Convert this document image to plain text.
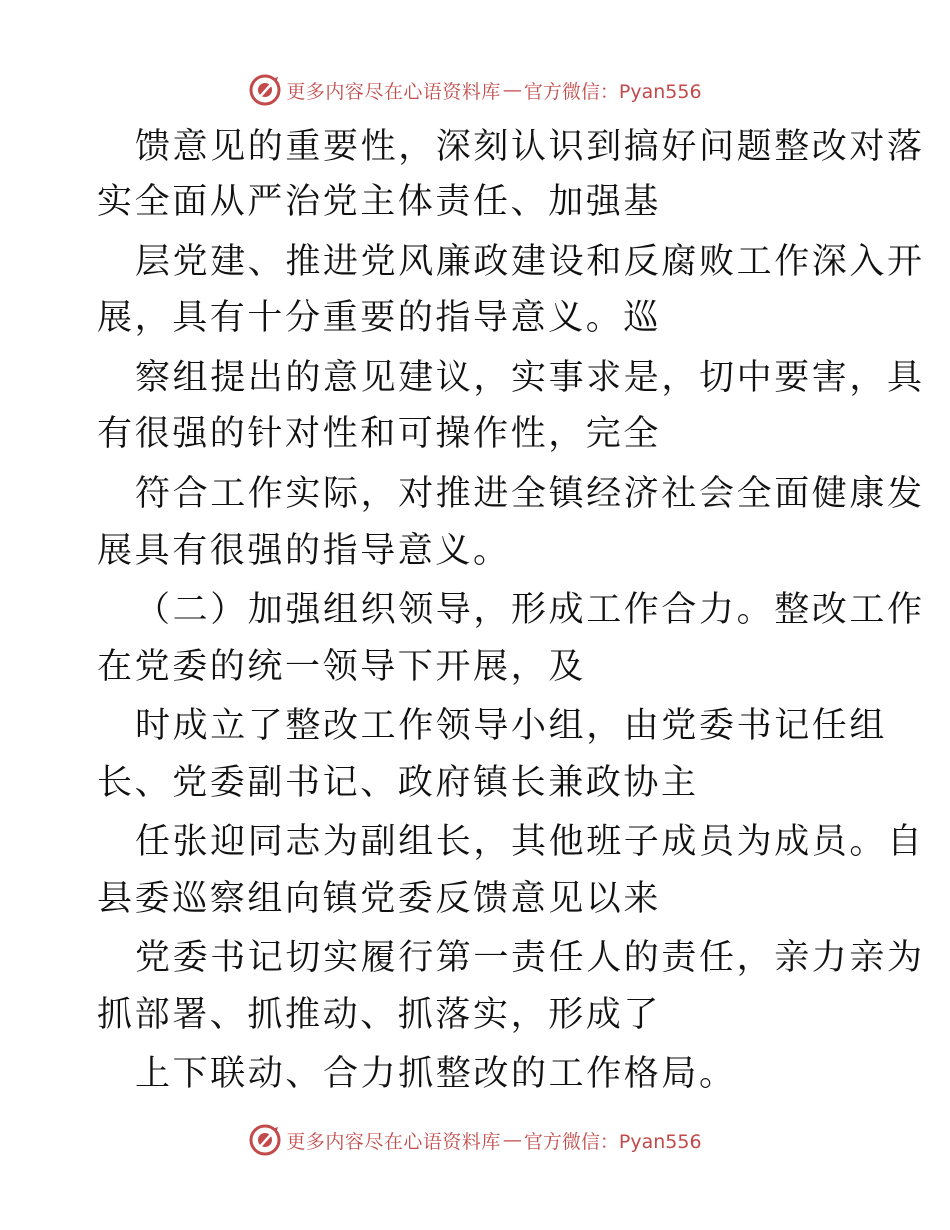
更多内容尽在心语资料库 — 官方微信：Pyan556
馈意见的重要性，深刻认识到搞好问题整改对落
实全面从严治党主体责任、加强基
层党建、推进党风廉政建设和反腐败工作深入开
展，具有十分重要的指导意义。巡
察组提出的意见建议，实事求是，切中要害，具
有很强的针对性和可操作性，完全
符合工作实际，对推进全镇经济社会全面健康发
展具有很强的指导意义。
（二）加强组织领导，形成工作合力。整改工作
在党委的统一领导下开展，及
时成立了整改工作领导小组，由党委书记任组
长、党委副书记、政府镇长兼政协主
任张迎同志为副组长，其他班子成员为成员。自
县委巡察组向镇党委反馈意见以来
党委书记切实履行第一责任人的责任，亲力亲为
抓部署、抓推动、抓落实，形成了
上下联动、合力抓整改的工作格局。
更多内容尽在心语资料库 — 官方微信：Pyan556
